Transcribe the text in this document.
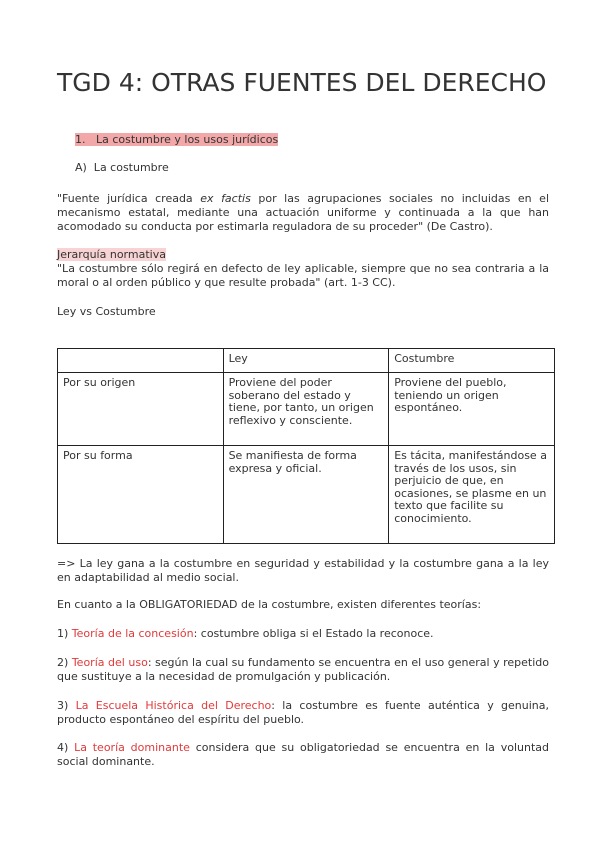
TGD 4: OTRAS FUENTES DEL DERECHO
1.   La costumbre y los usos jurídicos
A)  La costumbre
"Fuente jurídica creada ex factis por las agrupaciones sociales no incluidas en el mecanismo estatal, mediante una actuación uniforme y continuada a la que han acomodado su conducta por estimarla reguladora de su proceder" (De Castro).
Jerarquía normativa
"La costumbre sólo regirá en defecto de ley aplicable, siempre que no sea contraria a la moral o al orden público y que resulte probada" (art. 1-3 CC).
Ley vs Costumbre
	Ley	Costumbre
Por su origen	Proviene del poder soberano del estado y tiene, por tanto, un origen reflexivo y consciente.	Proviene del pueblo, teniendo un origen espontáneo.
Por su forma	Se manifiesta de forma expresa y oficial.	Es tácita, manifestándose a través de los usos, sin perjuicio de que, en ocasiones, se plasme en un texto que facilite su conocimiento.
=> La ley gana a la costumbre en seguridad y estabilidad y la costumbre gana a la ley en adaptabilidad al medio social.
En cuanto a la OBLIGATORIEDAD de la costumbre, existen diferentes teorías:
1) Teoría de la concesión: costumbre obliga si el Estado la reconoce.
2) Teoría del uso: según la cual su fundamento se encuentra en el uso general y repetido que sustituye a la necesidad de promulgación y publicación.
3) La Escuela Histórica del Derecho: la costumbre es fuente auténtica y genuina, producto espontáneo del espíritu del pueblo.
4) La teoría dominante considera que su obligatoriedad se encuentra en la voluntad social dominante.
